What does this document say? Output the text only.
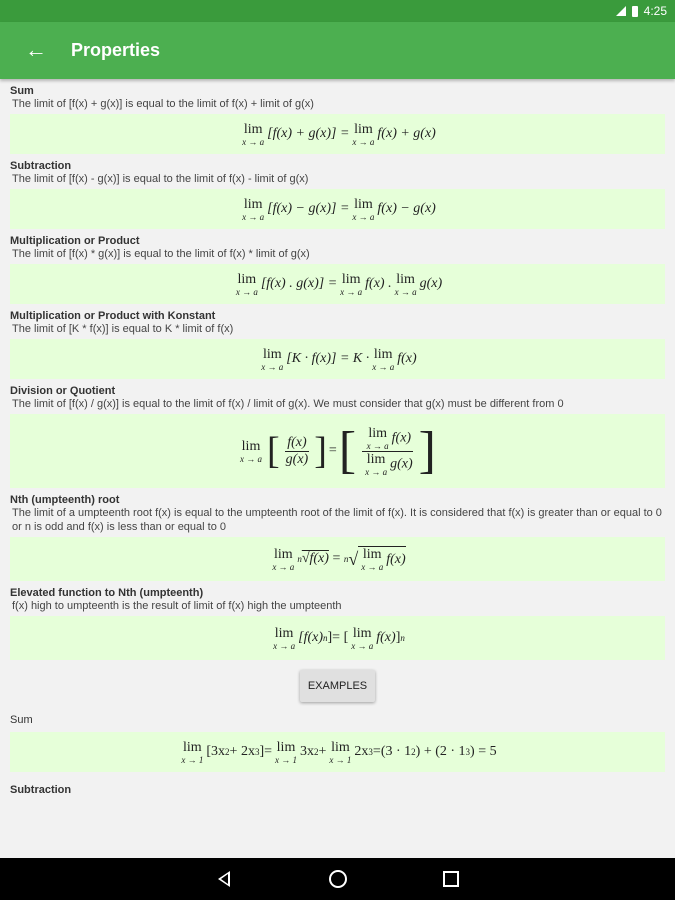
4:25
← Properties
Sum
The limit of [f(x) + g(x)] is equal to the limit of f(x) + limit of g(x)
lim
x → a
[f(x) + g(x)] = lim
x → a
f(x) +
g(x)
Subtraction
The limit of [f(x) - g(x)] is equal to the limit of f(x) - limit of g(x)
lim
x → a
[f(x) − g(x)] = lim
x → a
f(x) −
g(x)
Multiplication or Product
The limit of [f(x) * g(x)] is equal to the limit of f(x) * limit of g(x)
lim
x → a
[f(x) . g(x)] = lim
x → a
f(x) . lim
x → a
g(x)
Multiplication or Product with Konstant
The limit of [K * f(x)] is equal to K * limit of f(x)
lim
x → a
[K · f(x)] = K · lim
x → a
f(x)
Division or Quotient
The limit of [f(x) / g(x)] is equal to the limit of f(x) / limit of g(x). We must consider that g(x) must be different from 0
lim
x → a [ $\frac{f(x)}{g(x)}$ ] = [ lim
x → a
f(x)
lim
x → a
g(x) ]
Nth (umpteenth) root
The limit of a umpteenth root f(x) is equal to the umpteenth root of the limit of f(x). It is considered that f(x) is greater than or equal to 0 or n is odd and f(x) is less than or equal to 0
lim
x → a
n √f(x)
=
n √ lim
x → a
f(x)
Elevated function to Nth (umpteenth)
f(x) high to umpteenth is the result of limit of f(x) high the umpteenth
lim
x → a
[f(x) n ]= [ lim
x → a
f(x) ] n
EXAMPLES
Sum
lim
x → 1
[3x 2 + 2x 3 ]= lim
x → 1
3x 2 + lim
x → 1
2x 3 =(3 · 1 2 ) + (2 · 1 3 ) = 5
Subtraction
